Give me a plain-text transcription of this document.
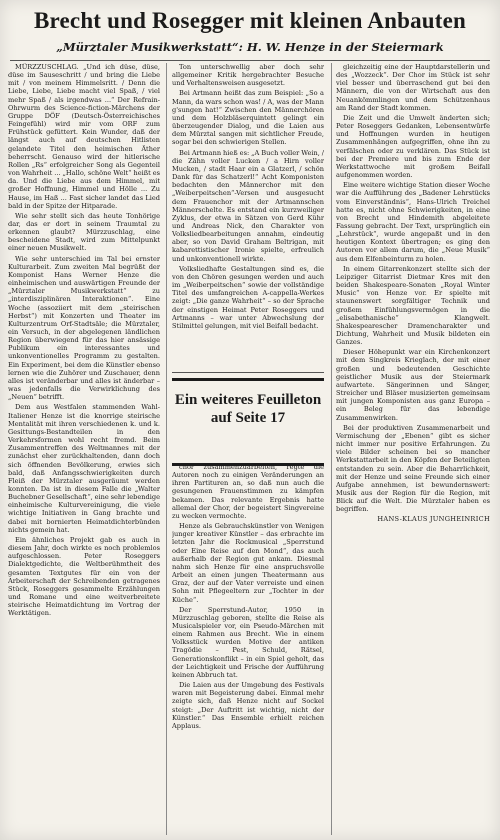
Brecht und Rosegger mit kleinen Anbauten
„Mürztaler Musikwerkstatt“: H. W. Henze in der Steiermark

MÜRZZUSCHLAG. „Und ich düse, düse, düse im Sauseschritt / und bring die Liebe mit / von meinem Himmelsritt. / Denn die Liebe, Liebe, Liebe macht viel Spaß, / viel mehr Spaß / als irgendwas ...“ Der Refrain-Ohrwurm des Science-fiction-Märchens der Gruppe DÖF (Deutsch-Österreichisches Feingefühl) wird mir vom ORF zum Frühstück gefüttert. Kein Wunder, daß der längst auch auf deutschen Hitlisten gelandete Titel den heimischen Äther beherrscht. Genauso wird der hitlerische Rollen „Rs“ erfolgreicher Song als Gegenteil von Wahrheit ... „Hallo, schöne Welt“ heißt es da. Und die Liebe aus dem Himmel, mit großer Hoffnung, Himmel und Hölle ... Zu Hause, im Haß ... Fast sicher landet das Lied bald in der Spitze der Hitparade.

Wie sehr stellt sich das heute Tonhörige dar, das er dort in seinem Traumtal zu erkennen glaubt? Mürzzuschlag, eine bescheidene Stadt, wird zum Mittelpunkt einer neuen Musikwelt.

Wie sehr unterschied im Tal bei ernster Kulturarbeit. Zum zweiten Mal begrüßt der Komponist Hans Werner Henze die einheimischen und auswärtigen Freunde der „Mürztaler Musikwerkstatt“ zu „interdisziplinären Interaktionen“. Eine Woche (assoziiert mit dem „steirischen Herbst“) mit Konzerten und Theater im Kulturzentrum Orf-Stadtsäle; die Mürztaler, ein Versuch, in der abgelegenen ländlichen Region überwiegend für das hier ansässige Publikum ein interessantes und unkonventionelles Programm zu gestalten. Ein Experiment, bei dem die Künstler ebenso lernen wie die Zuhörer und Zuschauer, denn alles ist veränderbar und alles ist änderbar – was jedenfalls die Verwirklichung des „Neuen“ betrifft.

Dem aus Westfalen stammenden Wahl-Italiener Henze ist die knorrige steirische Mentalität mit ihren verschiedenen k. und k. Gesittungs-Bestandteilen in den Verkehrsformen wohl recht fremd. Beim Zusammentreffen des Weltmannes mit der zunächst eher zurückhaltenden, dann doch sich öffnenden Bevölkerung, erwies sich bald, daß Anfangsschwierigkeiten durch Fleiß der Mürztaler ausgeräumt werden konnten. Da ist in diesem Falle die „Walter Buchebner Gesellschaft“, eine sehr lebendige einheimische Kulturvereinigung, die viele wichtige Initiativen in Gang brachte und dabei mit bornierten Heimatdichterbünden nichts gemein hat.

Ein ähnliches Projekt gab es auch in diesem Jahr, doch wirkte es noch problemlos aufgeschlossen. Peter Roseggers Dialektgedichte, die Weltberühmtheit des gesamten Textgutes für ein von der Arbeiterschaft der Schreibenden getragenes Stück, Roseggers gesammelte Erzählungen und Romane und eine weitverbreitete steirische Heimatdichtung im Vortrag der Werktätigen.

Ton unterschwellig aber doch sehr allgemeiner Kritik hergebrachter Besuche und Verhaltensweisen ausgesetzt.

Bei Artmann heißt das zum Beispiel: „So a Mann, da wars schon was! / A, was der Mann g'sungen hat!“ Zwischen den Männerchören und dem Holzbläserquintett gelingt ein überzeugender Dialog, und die Laien aus dem Mürztal sangen mit sichtlicher Freude, sogar bei den schwierigen Stellen.

Bei Artmann hieß es: „A Buch voller Wein, / die Zähn voller Lucken / a Hirn voller Mucken, / stadt Haar ein a Glatzerl, / schön Dank für das Schatzerl!“ Acht Komponisten bedachten den Männerchor mit den „Weiberpeitschen“-Versen und ausgesucht dem Frauenchor mit der Artmannschen Männerschelte. Es entstand ein kurzweiliger Zyklus, der etwa in Sätzen von Gerd Kühr und Andreas Nick, den Charakter von Volksliedbearbeitungen annahm, eindeutig aber, so von David Graham Beltrigan, mit kabarettistischer Ironie spielte, erfreulich und unkonventionell wirkte.

Volksliedhafte Gestaltungen sind es, die von den Chören gesungen werden und auch im „Weiberpeitschen“ sowie der vollständige Titel des umfangreichen A-cappella-Werkes zeigt: „Die ganze Wahrheit“ – so der Sprache der einstigen Heimat Peter Roseggers und Artmanns – war unter Abwechslung der Stilmittel gelungen, mit viel Beifall bedacht.

Ein weiteres Feuilleton
auf Seite 17

chor zusammenzuarbeiten, regte die Autoren noch zu einigen Veränderungen an ihren Partituren an, so daß nun auch die gesungenen Frauenstimmen zu kämpfen bekamen. Das relevante Ergebnis hatte allemal der Chor, der begeistert Singvereine zu wecken vermochte.

Henze als Gebrauchskünstler von Wenigen junger kreativer Künstler – das erbrachte im letzten Jahr die Rockmusical „Sperrstund oder Eine Reise auf den Mond“, das auch außerhalb der Region gut ankam. Diesmal nahm sich Henze für eine anspruchsvolle Arbeit an einen jungen Theatermann aus Graz, der auf der Vater verreiste und einen Sohn mit Pflegeeltern zur „Tochter in der Küche“.

Der Sperrstund-Autor, 1950 in Mürzzuschlag geboren, stellte die Reise als Musicalspieler vor, ein Pseudo-Märchen mit einem Rahmen aus Brecht. Wie in einem Volksstück wurden Motive der antiken Tragödie – Pest, Schuld, Rätsel, Generationskonflikt – in ein Spiel geholt, das der Leichtigkeit und Frische der Aufführung keinen Abbruch tat.

Die Laien aus der Umgebung des Festivals waren mit Begeisterung dabei. Einmal mehr zeigte sich, daß Henze nicht auf Sockel steigt: „Der Auftritt ist wichtig, nicht der Künstler.“ Das Ensemble erhielt reichen Applaus.

gleichzeitig eine der Hauptdarstellerin und des „Wozzeck“. Der Chor im Stück ist sehr viel besser und überraschend gut bei den Männern, die von der Wirtschaft aus den Neuankömmlingen und dem Schützenhaus am Rand der Stadt kommen.

Die Zeit und die Umwelt änderten sich; Peter Roseggers Gedanken, Lebensentwürfe und Hoffnungen wurden in heutigen Zusammenhängen aufgegriffen, ohne ihn zu verfälschen oder zu verklären. Das Stück ist bei der Premiere und bis zum Ende der Werkstattwoche mit großem Beifall aufgenommen worden.

Eine weitere wichtige Station dieser Woche war die Aufführung des „Badener Lehrstücks vom Einverständnis“, Hans-Ulrich Treichel hatte es, nicht ohne Schwierigkeiten, in eine von Brecht und Hindemith abgeleitete Fassung gebracht. Der Text, ursprünglich ein „Lehrstück“, wurde angepaßt und in den heutigen Kontext übertragen; es ging den Autoren vor allem darum, die „Neue Musik“ aus dem Elfenbeinturm zu holen.

In einem Gitarrenkonzert stellte sich der Leipziger Gitarrist Dietmar Kres mit den beiden Shakespeare-Sonaten „Royal Winter Music“ von Henze vor. Er spielte mit staunenswert sorgfältiger Technik und großem Einfühlungsvermögen in die „elisabethanische“ Klangwelt. Shakespearescher Dramencharakter und Dichtung, Wahrheit und Musik bildeten ein Ganzes.

Dieser Höhepunkt war ein Kirchenkonzert mit dem Singkreis Krieglach, der mit einer großen und bedeutenden Geschichte geistlicher Musik aus der Steiermark aufwartete. Sängerinnen und Sänger, Streicher und Bläser musizierten gemeinsam mit jungen Komponisten aus ganz Europa – ein Beleg für das lebendige Zusammenwirken.

Bei der produktiven Zusammenarbeit und Vermischung der „Ebenen“ gibt es sicher nicht immer nur positive Erfahrungen. Zu viele Bilder scheinen bei so mancher Werkstattarbeit in den Köpfen der Beteiligten entstanden zu sein. Aber die Beharrlichkeit, mit der Henze und seine Freunde sich einer Aufgabe annehmen, ist bewundernswert: Musik aus der Region für die Region, mit Blick auf die Welt. Die Mürztaler haben es begriffen.

HANS-KLAUS JUNGHEINRICH
